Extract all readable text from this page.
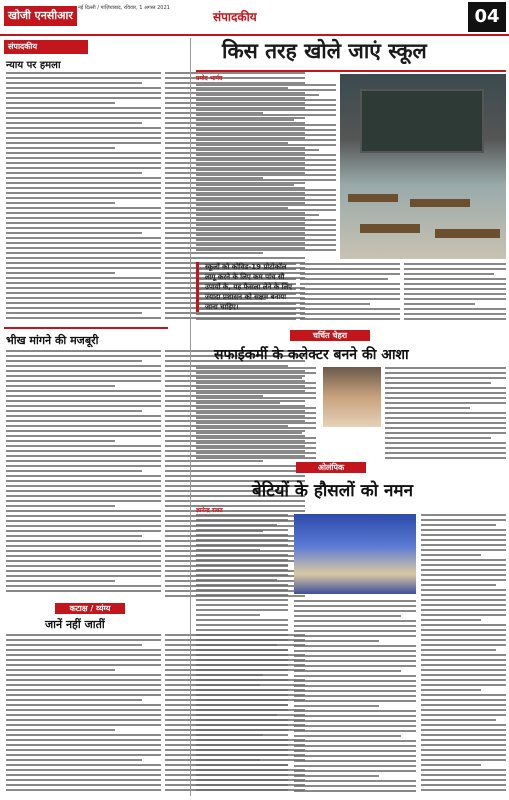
खोजी एनसीआर
नई दिल्ली / गाज़ियाबाद, रविवार, 1 अगस्त 2021
संपादकीय	04
संपादकीय
न्याय पर हमला
भीख मांगने की मजबूरी
कटाक्ष / व्यंग्य
जानें नहीं जातीं
किस तरह खोले जाएं स्कूल
प्रमोद भार्गव
स्कूलों को कोविड-19 प्रोटोकॉल लागू करने के लिए कम पांच सौ उपायों के, यह फैसला लेने के लिए ज्यादा प्रशासन को सक्षम बनाया जाना चाहिए।
चर्चित चेहरा
सफाईकर्मी के कलेक्टर बनने की आशा
ओलंपिक
बेटियों के हौसलों को नमन
ज्ञानेन्द्र रावत
